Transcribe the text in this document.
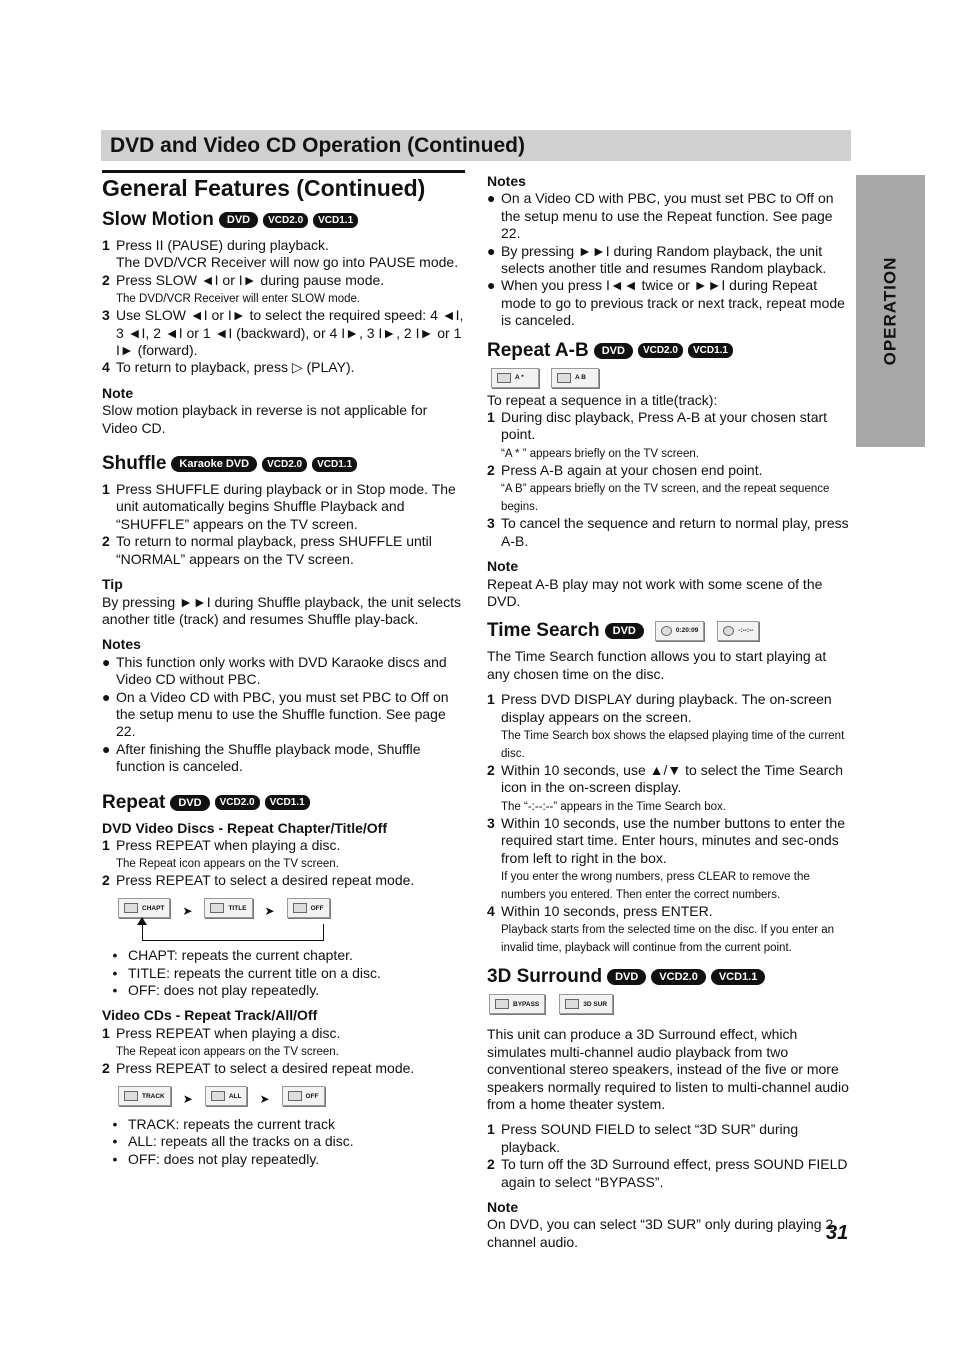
DVD and Video CD Operation (Continued)
OPERATION
General Features (Continued)
Slow Motion	DVD	VCD2.0	VCD1.1
1 Press II (PAUSE) during playback.
The DVD/VCR Receiver will now go into PAUSE mode.
2 Press SLOW ◄I or I► during pause mode.
The DVD/VCR Receiver will enter SLOW mode.
3 Use SLOW ◄I or I► to select the required speed: 4 ◄I, 3 ◄I, 2 ◄I or 1 ◄I (backward), or 4 I►, 3 I►, 2 I► or 1 I► (forward).
4 To return to playback, press ▷ (PLAY).

Note

Slow motion playback in reverse is not applicable for Video CD.

Shuffle	Karaoke DVD	VCD2.0	VCD1.1
1 Press SHUFFLE during playback or in Stop mode. The unit automatically begins Shuffle Playback and “SHUFFLE” appears on the TV screen.
2 To return to normal playback, press SHUFFLE until “NORMAL” appears on the TV screen.

Tip

By pressing ►►I during Shuffle playback, the unit selects another title (track) and resumes Shuffle play-back.

Notes

● This function only works with DVD Karaoke discs and Video CD without PBC.
● On a Video CD with PBC, you must set PBC to Off on the setup menu to use the Shuffle function. See page 22.
● After finishing the Shuffle playback mode, Shuffle function is canceled.
Repeat	DVD	VCD2.0	VCD1.1

DVD Video Discs - Repeat Chapter/Title/Off

1 Press REPEAT when playing a disc.
The Repeat icon appears on the TV screen.
2 Press REPEAT to select a desired repeat mode.
CHAPT ➤	TITLE ➤	OFF
• CHAPT: repeats the current chapter.
• TITLE: repeats the current title on a disc.
• OFF: does not play repeatedly.

Video CDs - Repeat Track/All/Off

1 Press REPEAT when playing a disc.
The Repeat icon appears on the TV screen.
2 Press REPEAT to select a desired repeat mode.
TRACK ➤	ALL ➤	OFF
• TRACK: repeats the current track
• ALL: repeats all the tracks on a disc.
• OFF: does not play repeatedly.

Notes

● On a Video CD with PBC, you must set PBC to Off on the setup menu to use the Repeat function. See page 22.
● By pressing ►►I during Random playback, the unit selects another title and resumes Random playback.
● When you press I◄◄ twice or ►►I during Repeat mode to go to previous track or next track, repeat mode is canceled.
Repeat A-B	DVD	VCD2.0	VCD1.1
A *	A B

To repeat a sequence in a title(track):

1 During disc playback, Press A-B at your chosen start point.
“A * ” appears briefly on the TV screen.
2 Press A-B again at your chosen end point.
“A B” appears briefly on the TV screen, and the repeat sequence begins.
3 To cancel the sequence and return to normal play, press A-B.

Note

Repeat A-B play may not work with some scene of the DVD.

Time Search	DVD	0:20:09	-:--:--

The Time Search function allows you to start playing at any chosen time on the disc.

1 Press DVD DISPLAY during playback. The on-screen display appears on the screen.
The Time Search box shows the elapsed playing time of the current disc.
2 Within 10 seconds, use ▲/▼ to select the Time Search icon in the on-screen display.
The “-:--:--” appears in the Time Search box.
3 Within 10 seconds, use the number buttons to enter the required start time. Enter hours, minutes and sec-onds from left to right in the box.
If you enter the wrong numbers, press CLEAR to remove the numbers you entered. Then enter the correct numbers.
4 Within 10 seconds, press ENTER.
Playback starts from the selected time on the disc. If you enter an invalid time, playback will continue from the current point.
3D Surround	DVD	VCD2.0	VCD1.1
BYPASS	3D SUR

This unit can produce a 3D Surround effect, which simulates multi-channel audio playback from two conventional stereo speakers, instead of the five or more speakers normally required to listen to multi-channel audio from a home theater system.

1 Press SOUND FIELD to select “3D SUR” during playback.
2 To turn off the 3D Surround effect, press SOUND FIELD again to select “BYPASS”.

Note

On DVD, you can select “3D SUR” only during playing 2 channel audio.	31
